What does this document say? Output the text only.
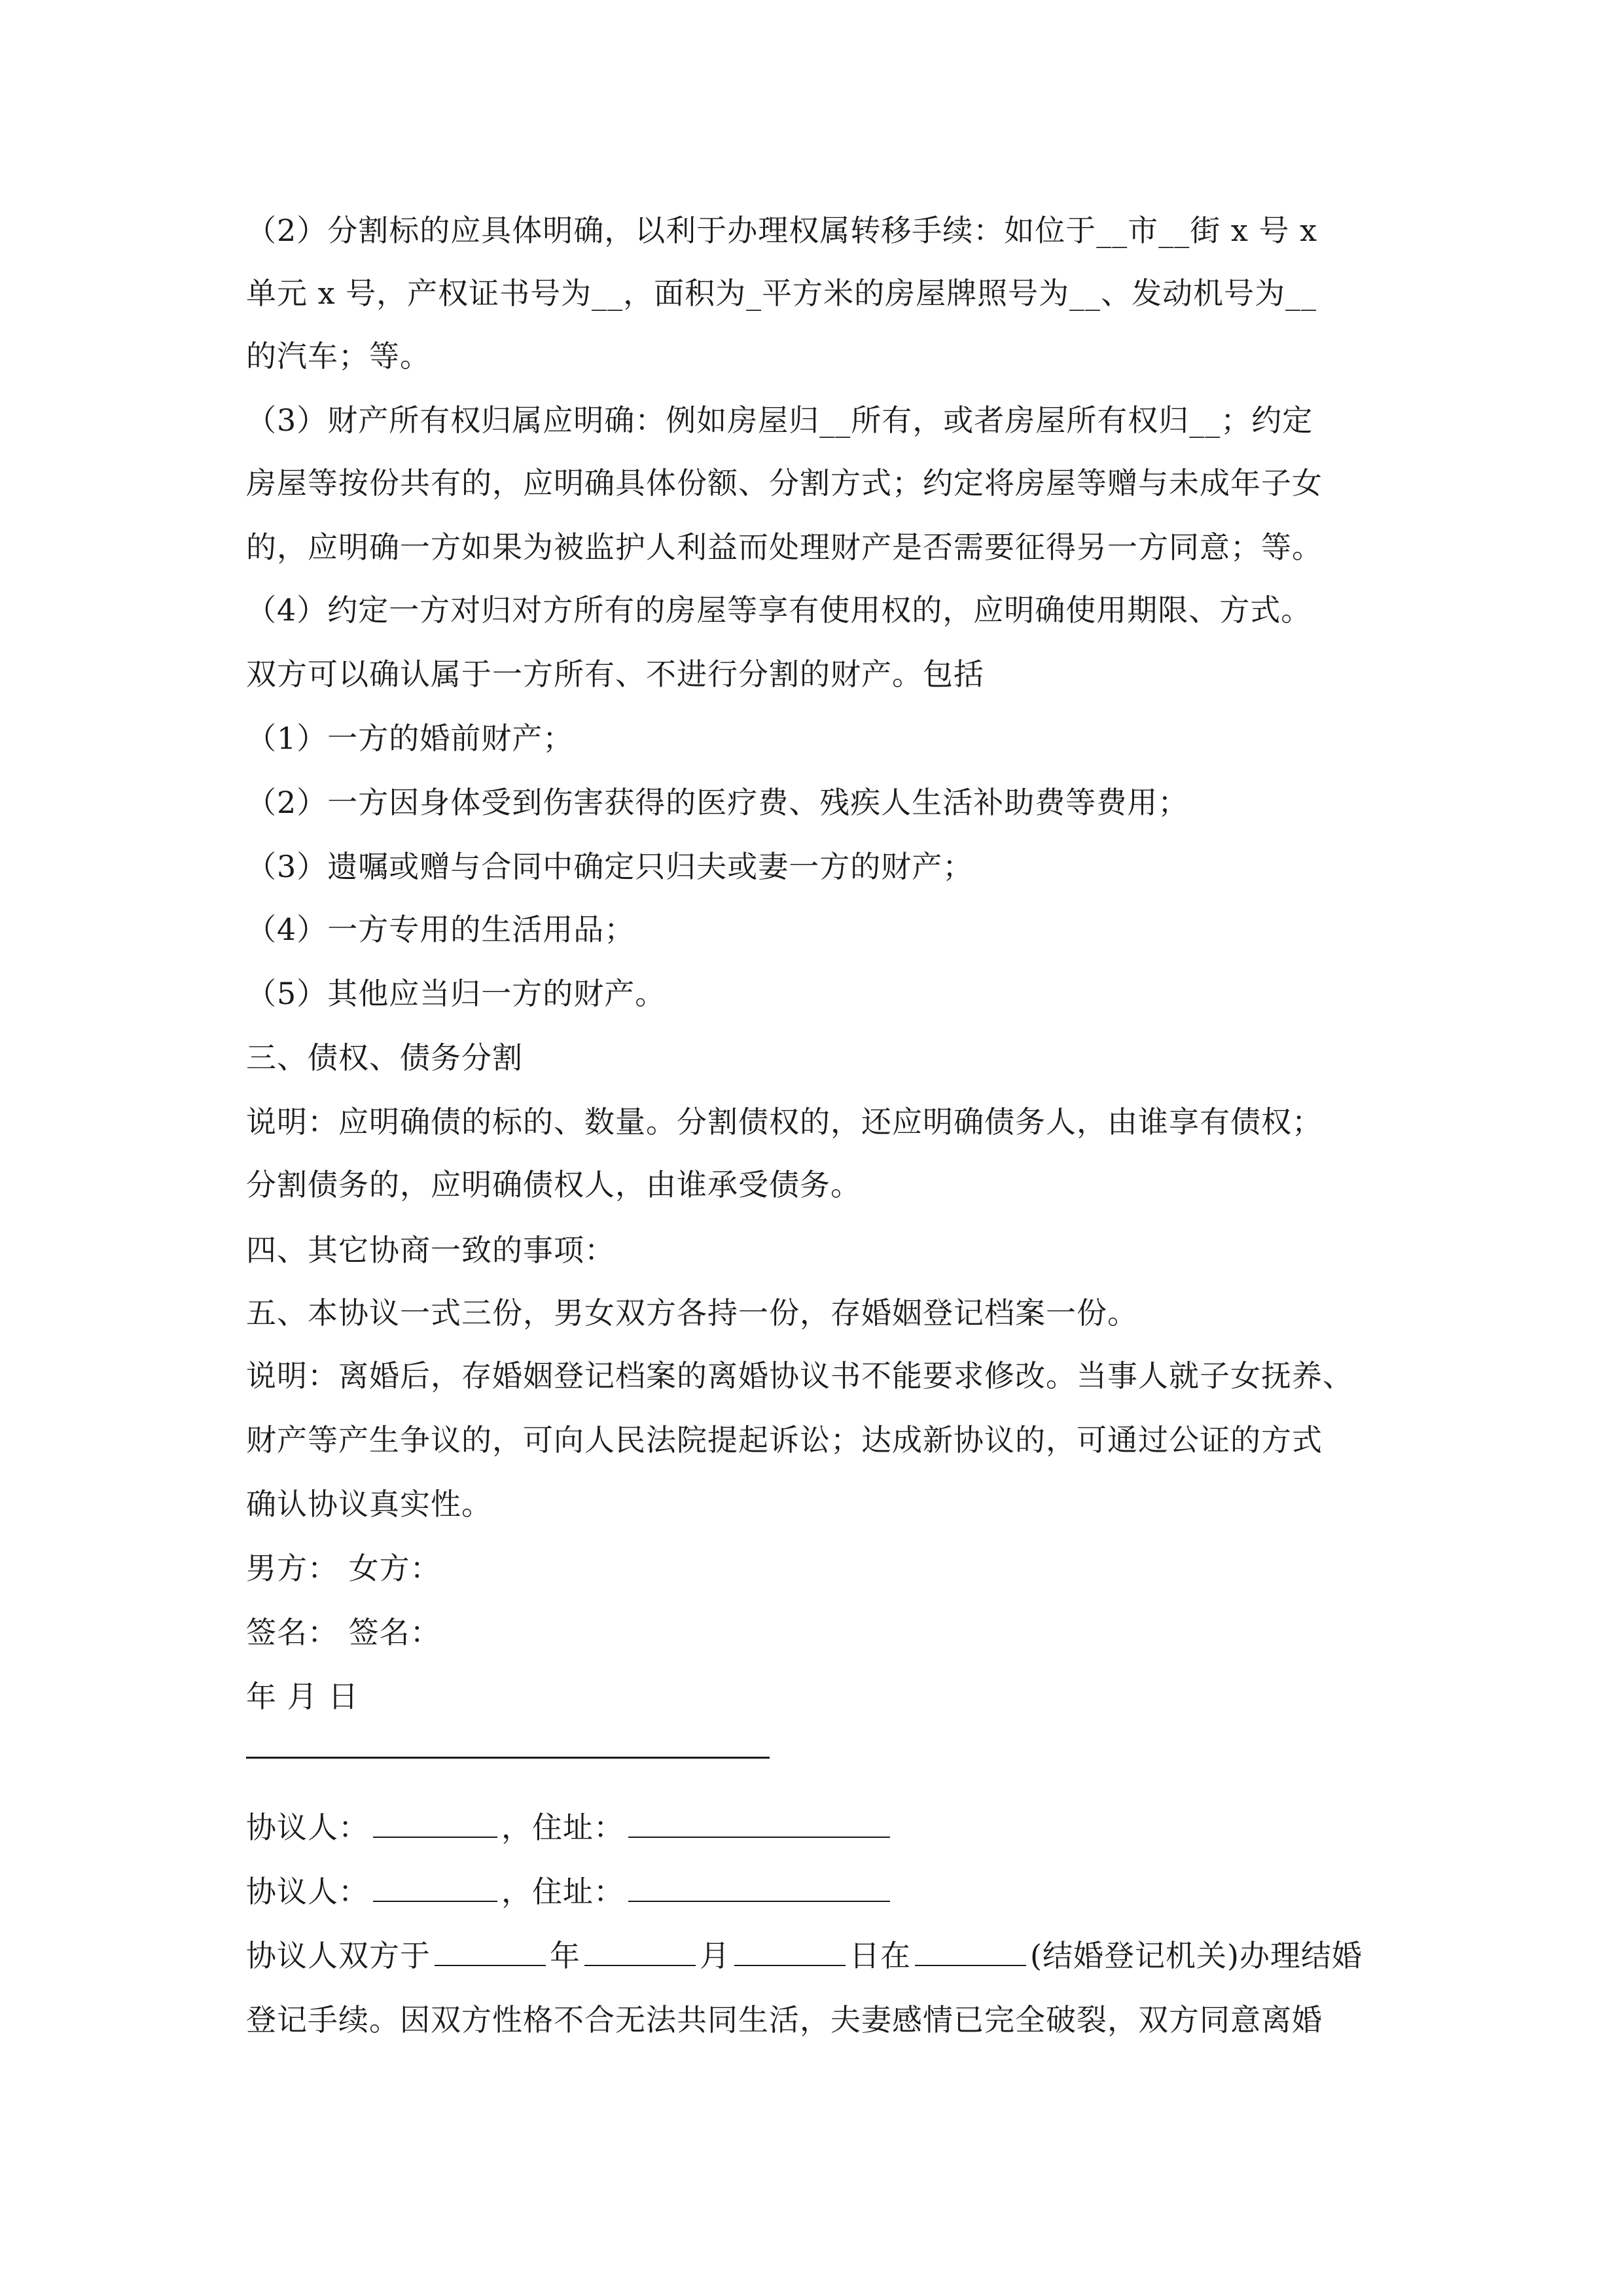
（2）分割标的应具体明确，以利于办理权属转移手续：如位于__市__街 x 号 x
单元 x 号，产权证书号为__，面积为_平方米的房屋牌照号为__、发动机号为__
的汽车；等。
（3）财产所有权归属应明确：例如房屋归__所有，或者房屋所有权归__；约定
房屋等按份共有的，应明确具体份额、分割方式；约定将房屋等赠与未成年子女
的，应明确一方如果为被监护人利益而处理财产是否需要征得另一方同意；等。
（4）约定一方对归对方所有的房屋等享有使用权的，应明确使用期限、方式。
双方可以确认属于一方所有、不进行分割的财产。包括
（1）一方的婚前财产；
（2）一方因身体受到伤害获得的医疗费、残疾人生活补助费等费用；
（3）遗嘱或赠与合同中确定只归夫或妻一方的财产；
（4）一方专用的生活用品；
（5）其他应当归一方的财产。
三、债权、债务分割
说明：应明确债的标的、数量。分割债权的，还应明确债务人，由谁享有债权；
分割债务的，应明确债权人，由谁承受债务。
四、其它协商一致的事项：
五、本协议一式三份，男女双方各持一份，存婚姻登记档案一份。
说明：离婚后，存婚姻登记档案的离婚协议书不能要求修改。当事人就子女抚养、
财产等产生争议的，可向人民法院提起诉讼；达成新协议的，可通过公证的方式
确认协议真实性。
男方： 女方：
签名： 签名：
年 月 日
协议人：	，住址：
协议人：	，住址：
协议人双方于	年	月	日在	(结婚登记机关)办理结婚
登记手续。因双方性格不合无法共同生活，夫妻感情已完全破裂，双方同意离婚
